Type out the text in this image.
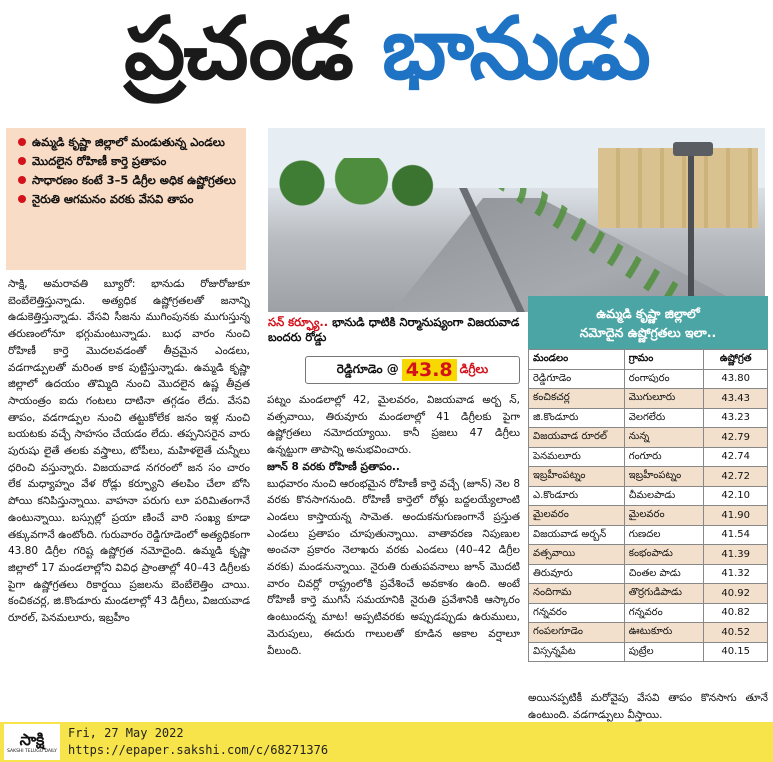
ప్రచండ భానుడు
ఉమ్మడి కృష్ణా జిల్లాలో మండుతున్న ఎండలు
మొదలైన రోహిణీ కార్తె ప్రతాపం
సాధారణం కంటే 3–5 డిగ్రీల అధిక ఉష్ణోగ్రతలు
నైరుతి ఆగమనం వరకు వేసవి తాపం
సాక్షి, అమరావతి బ్యూరో: భానుడు రోజురోజుకూ బెంబేలెత్తిస్తున్నాడు. అత్యధిక ఉష్ణోగ్రతలతో జనాన్ని ఉడుకెత్తిస్తున్నాడు. వేసవి సీజను ముగింపునకు ముగుస్తున్న తరుణంలోనూ భగ్గుమంటున్నాడు. బుధ వారం నుంచి రోహిణీ కార్తె మొదలవడంతో తీవ్రమైన ఎండలు, వడగాడ్పులతో మరింత కాక పుట్టిస్తున్నాడు. ఉమ్మడి కృష్ణా జిల్లాలో ఉదయం తొమ్మిది నుంచి మొదలైన ఉష్ణ తీవ్రత సాయంత్రం ఐదు గంటలు దాటినా తగ్గడం లేదు. వేసవి తాపం, వడగాడ్పుల నుంచి తట్టుకోలేక జనం ఇళ్ల నుంచి బయటకు వచ్చే సాహసం చేయడం లేదు. తప్పనిసరైన వారు పురుషు లైతే తలకు వస్త్రాలు, టోపీలు, మహిళలైతే చున్నీలు ధరించి వస్తున్నారు. విజయవాడ నగరంలో జన సం చారం లేక మధ్యాహ్నం వేళ రోడ్లు కర్ఫ్యూని తలపిం చేలా బోసి పోయి కనిపిస్తున్నాయి. వాహనా పరుగు లూ పరిమితంగానే ఉంటున్నాయి. బస్సుల్లో ప్రయా ణించే వారి సంఖ్య కూడా తక్కువగానే ఉంటోంది. గురువారం రెడ్డిగూడెంలో అత్యధికంగా 43.80 డిగ్రీల గరిష్ట ఉష్ణోగ్రత నమోదైంది. ఉమ్మడి కృష్ణా జిల్లాలో 17 మండలాల్లోని వివిధ ప్రాంతాల్లో 40–43 డిగ్రీలకు పైగా ఉష్ణోగ్రతలు రికార్డయి ప్రజలను బెంబేలెత్తిం చాయి. కంచికచర్ల, జి.కొండూరు మండలాల్లో 43 డిగ్రీలు, విజయవాడ రూరల్, పెనమలూరు, ఇబ్రహీం
సన్ కర్ఫ్యూ.. భానుడి ధాటికి నిర్మానుష్యంగా విజయవాడ బందరు రోడ్డు
రెడ్డిగూడెం @ 43.8 డిగ్రీలు

పట్నం మండలాల్లో 42, మైలవరం, విజయవాడ అర్బ న్, వత్సవాయి, తిరువూరు మండలాల్లో 41 డిగ్రీలకు పైగా ఉష్ణోగ్రతలు నమోదయ్యాయి. కానీ ప్రజలు 47 డిగ్రీలు ఉన్నట్టుగా తాపాన్ని అనుభవించారు.

జూన్ 8 వరకు రోహిణీ ప్రతాపం..

బుధవారం నుంచి ఆరంభమైన రోహిణీ కార్తె వచ్చే (జూన్) నెల 8 వరకు కొనసాగనుంది. రోహిణీ కార్తెలో రోళ్లు బద్దలయ్యేలాంటి ఎండలు కాస్తాయన్న సామెత. అందుకనుగుణంగానే ప్రస్తుత ఎండలు ప్రతాపం చూపుతున్నాయి. వాతావరణ నిపుణుల అంచనా ప్రకారం నెలాఖరు వరకు ఎండలు (40–42 డిగ్రీల వరకు) మండనున్నాయి. నైరుతి రుతుపవనాలు జూన్ మొదటి వారం చివర్లో రాష్ట్రంలోకి ప్రవేశించే అవకాశం ఉంది. అంటే రోహిణీ కార్తె ముగిసే సమయానికి నైరుతి ప్రవేశానికి ఆస్కారం ఉంటుందన్న మాట! అప్పటివరకు అప్పుడప్పుడు ఉరుములు, మెరుపులు, ఈదురు గాలులతో కూడిన అకాల వర్షాలూ వీలుంది.

ఉమ్మడి కృష్ణా జిల్లాలో
నమోదైన ఉష్ణోగ్రతలు ఇలా..
మండలం	గ్రామం	ఉష్ణోగ్రత
రెడ్డిగూడెం	రంగాపురం	43.80
కంచికచర్ల	మొగులూరు	43.43
జి.కొండూరు	వెలగలేరు	43.23
విజయవాడ రూరల్	నున్న	42.79
పెనమలూరు	గంగూరు	42.74
ఇబ్రహీంపట్నం	ఇబ్రహీంపట్నం	42.72
ఎ.కొండూరు	చీమలపాడు	42.10
మైలవరం	మైలవరం	41.90
విజయవాడ అర్బన్	గుణదల	41.54
వత్సవాయి	కంభంపాడు	41.39
తిరువూరు	చింతల పాడు	41.32
నందిగామ	తొర్రగుడిపాడు	40.92
గన్నవరం	గన్నవరం	40.82
గంపలగూడెం	ఊటుకూరు	40.52
విస్సన్నపేట	పుట్రేల	40.15
అయినప్పటికీ మరోవైపు వేసవి తాపం కొనసాగు తూనే ఉంటుంది. వడగాడ్పులు వీస్తాయి.
సాక్షి
SAKSHI TELUGU DAILY
Fri, 27 May 2022
https://epaper.sakshi.com/c/68271376
